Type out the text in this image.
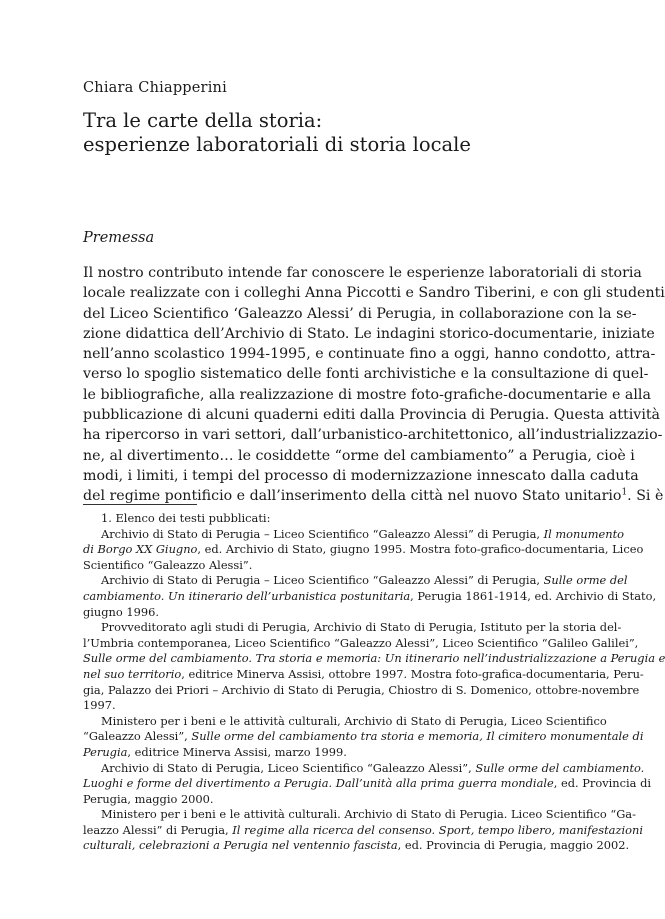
Chiara Chiapperini
Tra le carte della storia:
esperienze laboratoriali di storia locale
Premessa
Il nostro contributo intende far conoscere le esperienze laboratoriali di storia
locale realizzate con i colleghi Anna Piccotti e Sandro Tiberini, e con gli studenti
del Liceo Scientifico ‘Galeazzo Alessi’ di Perugia, in collaborazione con la se-
zione didattica dell’Archivio di Stato. Le indagini storico-documentarie, iniziate
nell’anno scolastico 1994-1995, e continuate fino a oggi, hanno condotto, attra-
verso lo spoglio sistematico delle fonti archivistiche e la consultazione di quel-
le bibliografiche, alla realizzazione di mostre foto-grafiche-documentarie e alla
pubblicazione di alcuni quaderni editi dalla Provincia di Perugia. Questa attività
ha ripercorso in vari settori, dall’urbanistico-architettonico, all’industrializzazio-
ne, al divertimento… le cosiddette “orme del cambiamento” a Perugia, cioè i
modi, i limiti, i tempi del processo di modernizzazione innescato dalla caduta
del regime pontificio e dall’inserimento della città nel nuovo Stato unitario$^1$. Si è
1. Elenco dei testi pubblicati:
Archivio di Stato di Perugia – Liceo Scientifico “Galeazzo Alessi” di Perugia, Il monumento
di Borgo XX Giugno, ed. Archivio di Stato, giugno 1995. Mostra foto-grafico-documentaria, Liceo
Scientifico “Galeazzo Alessi”.
Archivio di Stato di Perugia – Liceo Scientifico “Galeazzo Alessi” di Perugia, Sulle orme del
cambiamento. Un itinerario dell’urbanistica postunitaria, Perugia 1861-1914, ed. Archivio di Stato,
giugno 1996.
Provveditorato agli studi di Perugia, Archivio di Stato di Perugia, Istituto per la storia del-
l’Umbria contemporanea, Liceo Scientifico “Galeazzo Alessi”, Liceo Scientifico “Galileo Galilei”,
Sulle orme del cambiamento. Tra storia e memoria: Un itinerario nell’industrializzazione a Perugia e
nel suo territorio, editrice Minerva Assisi, ottobre 1997. Mostra foto-grafica-documentaria, Peru-
gia, Palazzo dei Priori – Archivio di Stato di Perugia, Chiostro di S. Domenico, ottobre-novembre
1997.
Ministero per i beni e le attività culturali, Archivio di Stato di Perugia, Liceo Scientifico
“Galeazzo Alessi”, Sulle orme del cambiamento tra storia e memoria, Il cimitero monumentale di
Perugia, editrice Minerva Assisi, marzo 1999.
Archivio di Stato di Perugia, Liceo Scientifico “Galeazzo Alessi”, Sulle orme del cambiamento.
Luoghi e forme del divertimento a Perugia. Dall’unità alla prima guerra mondiale, ed. Provincia di
Perugia, maggio 2000.
Ministero per i beni e le attività culturali. Archivio di Stato di Perugia. Liceo Scientifico “Ga-
leazzo Alessi” di Perugia, Il regime alla ricerca del consenso. Sport, tempo libero, manifestazioni
culturali, celebrazioni a Perugia nel ventennio fascista, ed. Provincia di Perugia, maggio 2002.
